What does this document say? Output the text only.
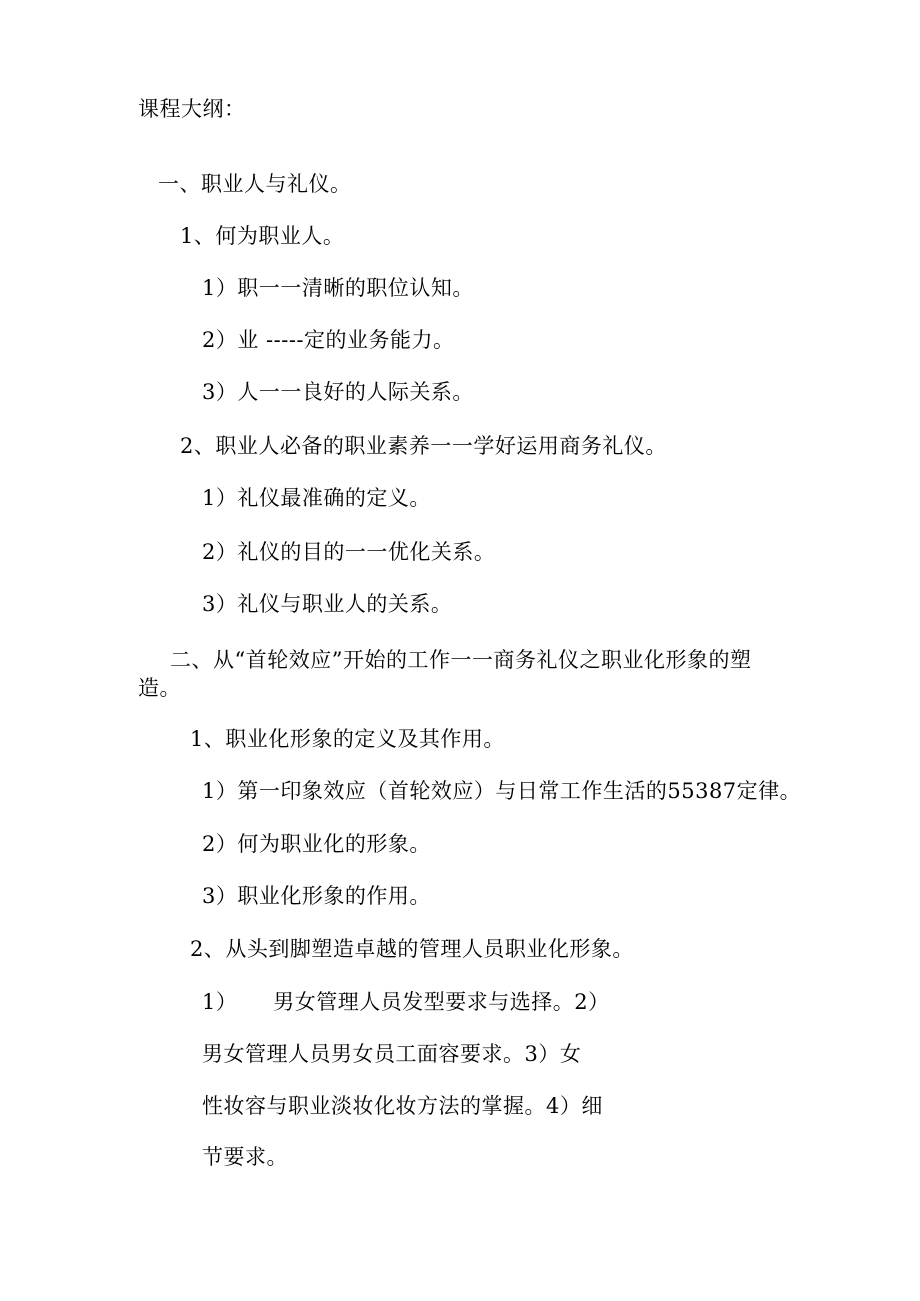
课程大纲：
一、职业人与礼仪。
1、何为职业人。
1）职一一清晰的职位认知。
2）业 -----定的业务能力。
3）人一一良好的人际关系。
2、职业人必备的职业素养一一学好运用商务礼仪。
1）礼仪最准确的定义。
2）礼仪的目的一一优化关系。
3）礼仪与职业人的关系。
二、从“首轮效应”开始的工作一一商务礼仪之职业化形象的塑造。
1、职业化形象的定义及其作用。
1）第一印象效应（首轮效应）与日常工作生活的55387定律。
2）何为职业化的形象。
3）职业化形象的作用。
2、从头到脚塑造卓越的管理人员职业化形象。
1）     男女管理人员发型要求与选择。2）
男女管理人员男女员工面容要求。3）女
性妆容与职业淡妆化妆方法的掌握。4）细
节要求。
